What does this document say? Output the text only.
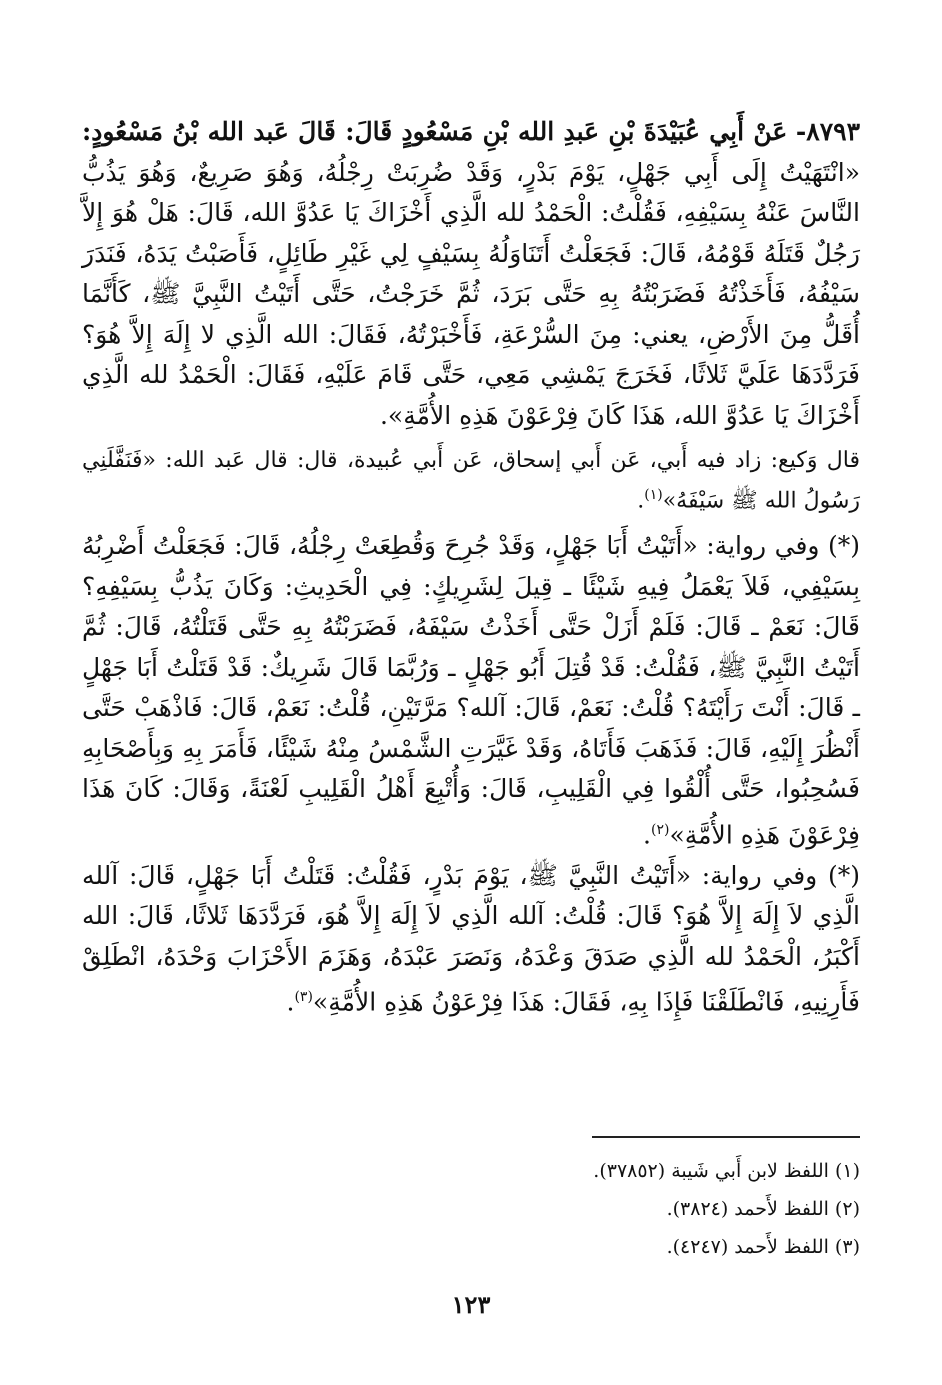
٨٧٩٣- عَنْ أَبِي عُبَيْدَةَ بْنِ عَبدِ الله بْنِ مَسْعُودٍ قَالَ: قَالَ عَبد الله بْنُ مَسْعُودٍ: «انْتَهَيْتُ إِلَى أَبِي جَهْلٍ، يَوْمَ بَدْرٍ، وَقَدْ ضُرِبَتْ رِجْلُهُ، وَهُوَ صَرِيعٌ، وَهُوَ يَذُبُّ النَّاسَ عَنْهُ بِسَيْفِهِ، فَقُلْتُ: الْحَمْدُ لله الَّذِي أَخْزَاكَ يَا عَدُوَّ الله، قَالَ: هَلْ هُوَ إِلاَّ رَجُلٌ قَتَلَهُ قَوْمُهُ، قَالَ: فَجَعَلْتُ أَتَنَاوَلُهُ بِسَيْفٍ لِي غَيْرِ طَائِلٍ، فَأَصَبْتُ يَدَهُ، فَنَدَرَ سَيْفُهُ، فَأَخَذْتُهُ فَضَرَبْتُهُ بِهِ حَتَّى بَرَدَ، ثُمَّ خَرَجْتُ، حَتَّى أَتَيْتُ النَّبِيَّ ﷺ، كَأَنَّمَا أُقَلُّ مِنَ الأَرْضِ، يعني: مِنَ السُّرْعَةِ، فَأَخْبَرْتُهُ، فَقَالَ: الله الَّذِي لا إِلَهَ إِلاَّ هُوَ؟ فَرَدَّدَهَا عَلَيَّ ثَلاثًا، فَخَرَجَ يَمْشِي مَعِي، حَتَّى قَامَ عَلَيْهِ، فَقَالَ: الْحَمْدُ لله الَّذِي أَخْزَاكَ يَا عَدُوَّ الله، هَذَا كَانَ فِرْعَوْنَ هَذِهِ الأُمَّةِ».

قال وَكيع: زاد فيه أَبي، عَن أَبي إسحاق، عَن أَبي عُبيدة، قال: قال عَبد الله: «فَنَفَّلَنِي رَسُولُ الله ﷺ سَيْفَهُ»$^{(١)}$.

(*) وفي رواية: «أَتَيْتُ أَبَا جَهْلٍ، وَقَدْ جُرِحَ وَقُطِعَتْ رِجْلُهُ، قَالَ: فَجَعَلْتُ أَضْرِبُهُ بِسَيْفِي، فَلاَ يَعْمَلُ فِيهِ شَيْئًا ـ قِيلَ لِشَرِيكٍ: فِي الْحَدِيثِ: وَكَانَ يَذُبُّ بِسَيْفِهِ؟ قَالَ: نَعَمْ ـ قَالَ: فَلَمْ أَزَلْ حَتَّى أَخَذْتُ سَيْفَهُ، فَضَرَبْتُهُ بِهِ حَتَّى قَتَلْتُهُ، قَالَ: ثُمَّ أَتَيْتُ النَّبِيَّ ﷺ، فَقُلْتُ: قَدْ قُتِلَ أَبُو جَهْلٍ ـ وَرُبَّمَا قَالَ شَرِيكٌ: قَدْ قَتَلْتُ أَبَا جَهْلٍ ـ قَالَ: أَنْتَ رَأَيْتَهُ؟ قُلْتُ: نَعَمْ، قَالَ: آلله؟ مَرَّتَيْنِ، قُلْتُ: نَعَمْ، قَالَ: فَاذْهَبْ حَتَّى أَنْظُرَ إِلَيْهِ، قَالَ: فَذَهَبَ فَأَتَاهُ، وَقَدْ غَيَّرَتِ الشَّمْسُ مِنْهُ شَيْئًا، فَأَمَرَ بِهِ وَبِأَصْحَابِهِ فَسُحِبُوا، حَتَّى أُلْقُوا فِي الْقَلِيبِ، قَالَ: وَأُتْبِعَ أَهْلُ الْقَلِيبِ لَعْنَةً، وَقَالَ: كَانَ هَذَا فِرْعَوْنَ هَذِهِ الأُمَّةِ»$^{(٢)}$.

(*) وفي رواية: «أَتَيْتُ النَّبِيَّ ﷺ، يَوْمَ بَدْرٍ، فَقُلْتُ: قَتَلْتُ أَبَا جَهْلٍ، قَالَ: آلله الَّذِي لاَ إِلَهَ إِلاَّ هُوَ؟ قَالَ: قُلْتُ: آلله الَّذِي لاَ إِلَهَ إِلاَّ هُوَ، فَرَدَّدَهَا ثَلاثًا، قَالَ: الله أَكْبَرُ، الْحَمْدُ لله الَّذِي صَدَقَ وَعْدَهُ، وَنَصَرَ عَبْدَهُ، وَهَزَمَ الأَحْزَابَ وَحْدَهُ، انْطَلِقْ فَأَرِنِيهِ، فَانْطَلَقْنَا فَإِذَا بِهِ، فَقَالَ: هَذَا فِرْعَوْنُ هَذِهِ الأُمَّةِ»$^{(٣)}$.

(١) اللفظ لابن أَبي شَيبة (٣٧٨٥٢).
(٢) اللفظ لأَحمد (٣٨٢٤).
(٣) اللفظ لأَحمد (٤٢٤٧).
١٢٣
